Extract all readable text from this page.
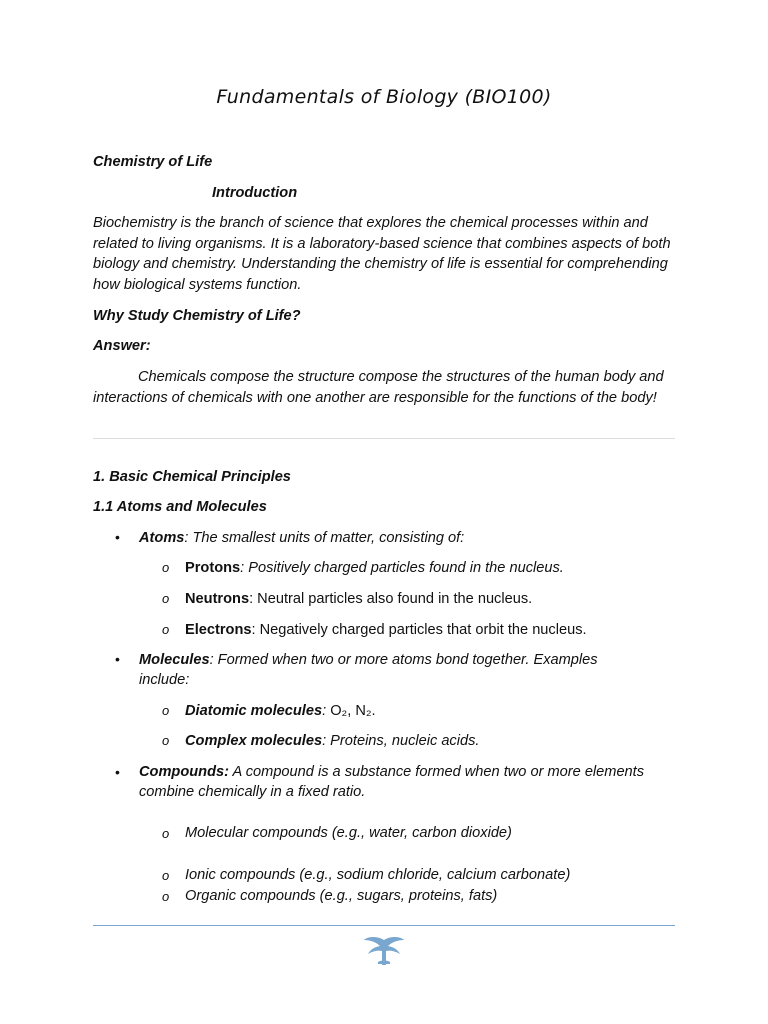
Fundamentals of Biology (BIO100)
Chemistry of Life
Introduction
Biochemistry is the branch of science that explores the chemical processes within and related to living organisms. It is a laboratory-based science that combines aspects of both biology and chemistry. Understanding the chemistry of life is essential for comprehending how biological systems function.
Why Study Chemistry of Life?
Answer:
Chemicals compose the structure compose the structures of the human body and interactions of chemicals with one another are responsible for the functions of the body!
1. Basic Chemical Principles
1.1 Atoms and Molecules
• Atoms: The smallest units of matter, consisting of:
o Protons: Positively charged particles found in the nucleus.
o Neutrons: Neutral particles also found in the nucleus.
o Electrons: Negatively charged particles that orbit the nucleus.
• Molecules: Formed when two or more atoms bond together. Examples
include:
o Diatomic molecules: O₂, N₂.
o Complex molecules: Proteins, nucleic acids.
• Compounds: A compound is a substance formed when two or more elements
combine chemically in a fixed ratio.
o Molecular compounds (e.g., water, carbon dioxide)
o Ionic compounds (e.g., sodium chloride, calcium carbonate)
o Organic compounds (e.g., sugars, proteins, fats)
